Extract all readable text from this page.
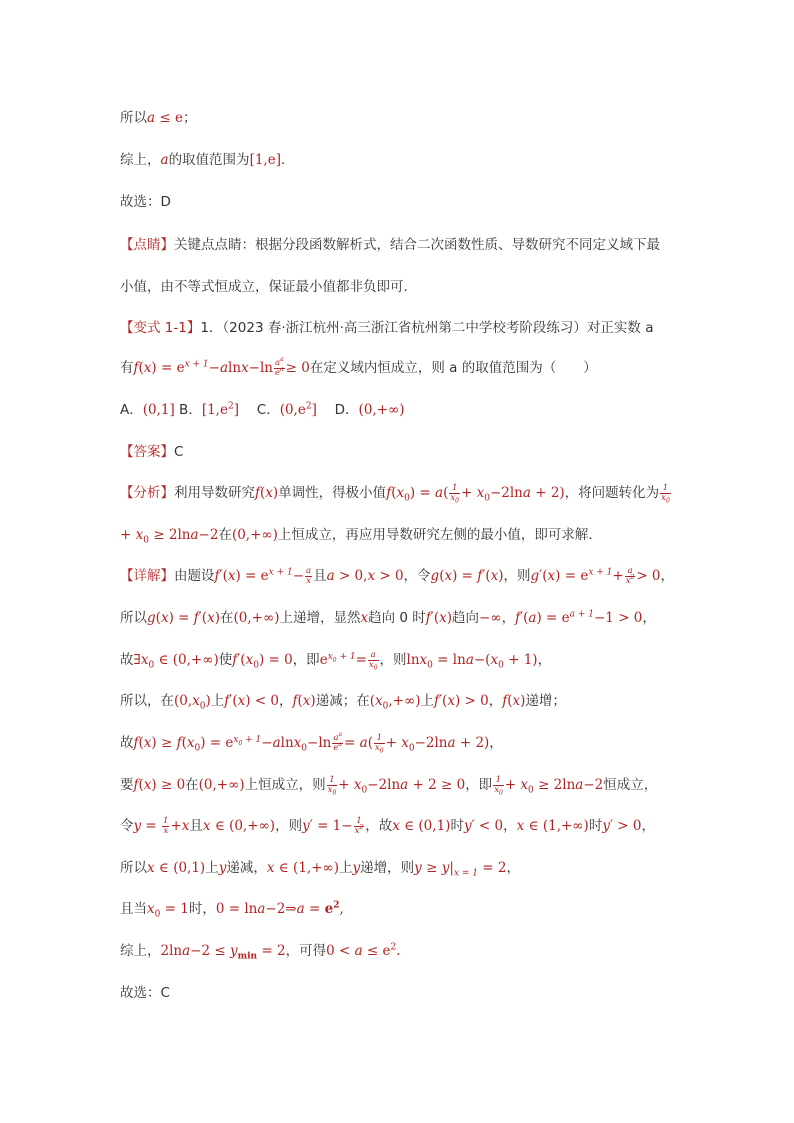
所以a ≤ e；
综上，a的取值范围为[1,e].
故选：D
【点睛】关键点点睛：根据分段函数解析式，结合二次函数性质、导数研究不同定义域下最
小值，由不等式恒成立，保证最小值都非负即可.
【变式 1-1】1．（2023 春·浙江杭州·高三浙江省杭州第二中学校考阶段练习）对正实数 a
有$f(x) = e^{x + 1}-alnx-\ln \frac{a^a}{e^a} \ge 0$在定义域内恒成立，则 a 的取值范围为（　　）
A．(0,1] B．$[1,e^2]$　 C．$(0,e^2]$　 D．(0,+∞)
【答案】C
【分析】利用导数研究f(x)单调性，得极小值$f(x_0) = a( \frac{1}{x_0} + x_0-2\ln a + 2)$，将问题转化为 $\frac{1}{x_0}$
+ $x_0 \ge 2\ln a-2$在(0,+∞)上恒成立，再应用导数研究左侧的最小值，即可求解.
【详解】由题设$f'(x) = e^{x + 1}- \frac{a}{x}$ 且a > 0,x > 0，令g(x) = f′(x)，则$g'(x) = e^{x + 1}+ \frac{a}{x^2} > 0$，
所以g(x) = f′(x)在(0,+∞)上递增，显然x趋向 0 时f′(x)趋向−∞，$f'(a) = e^{a + 1}-1 > 0$，
故$\exists x_0$ ∈ (0,+∞)使$f'(x_0) = 0$，即$e^{x_0 + 1}= \frac{a}{x_0}$ ，则$\ln x_0 = \ln a-(x_0 + 1)$，
所以，在$(0,x_0)$上f′(x) < 0，f(x)递减；在$(x_0,+\infty)$上f′(x) > 0，f(x)递增；
故$f(x) \ge f(x_0) = e^{x_0 + 1}-alnx_0-\ln \frac{a^a}{e^a} = a( \frac{1}{x_0} + x_0-2\ln a + 2)$，
要f(x) ≥ 0在(0,+∞)上恒成立，则 $\frac{1}{x_0} + x_0-2\ln a + 2 \ge 0$，即 $\frac{1}{x_0} + x_0 \ge 2\ln a-2$恒成立，
令$y = \frac{1}{x} +x$且x ∈ (0,+∞)，则$y' = 1- \frac{1}{x^2}$ ，故x ∈ (0,1)时y′ < 0，x ∈ (1,+∞)时y′ > 0，
所以x ∈ (0,1)上y递减，x ∈ (1,+∞)上y递增，则$y \ge y|_{x = 1} = 2$，
且当$x_0 = 1$时，0 = lna−2⇒a = $e^2$,
综上，$2\ln a-2 \le y_{min} = 2$，可得$0 < a \le e^2$.
故选：C
